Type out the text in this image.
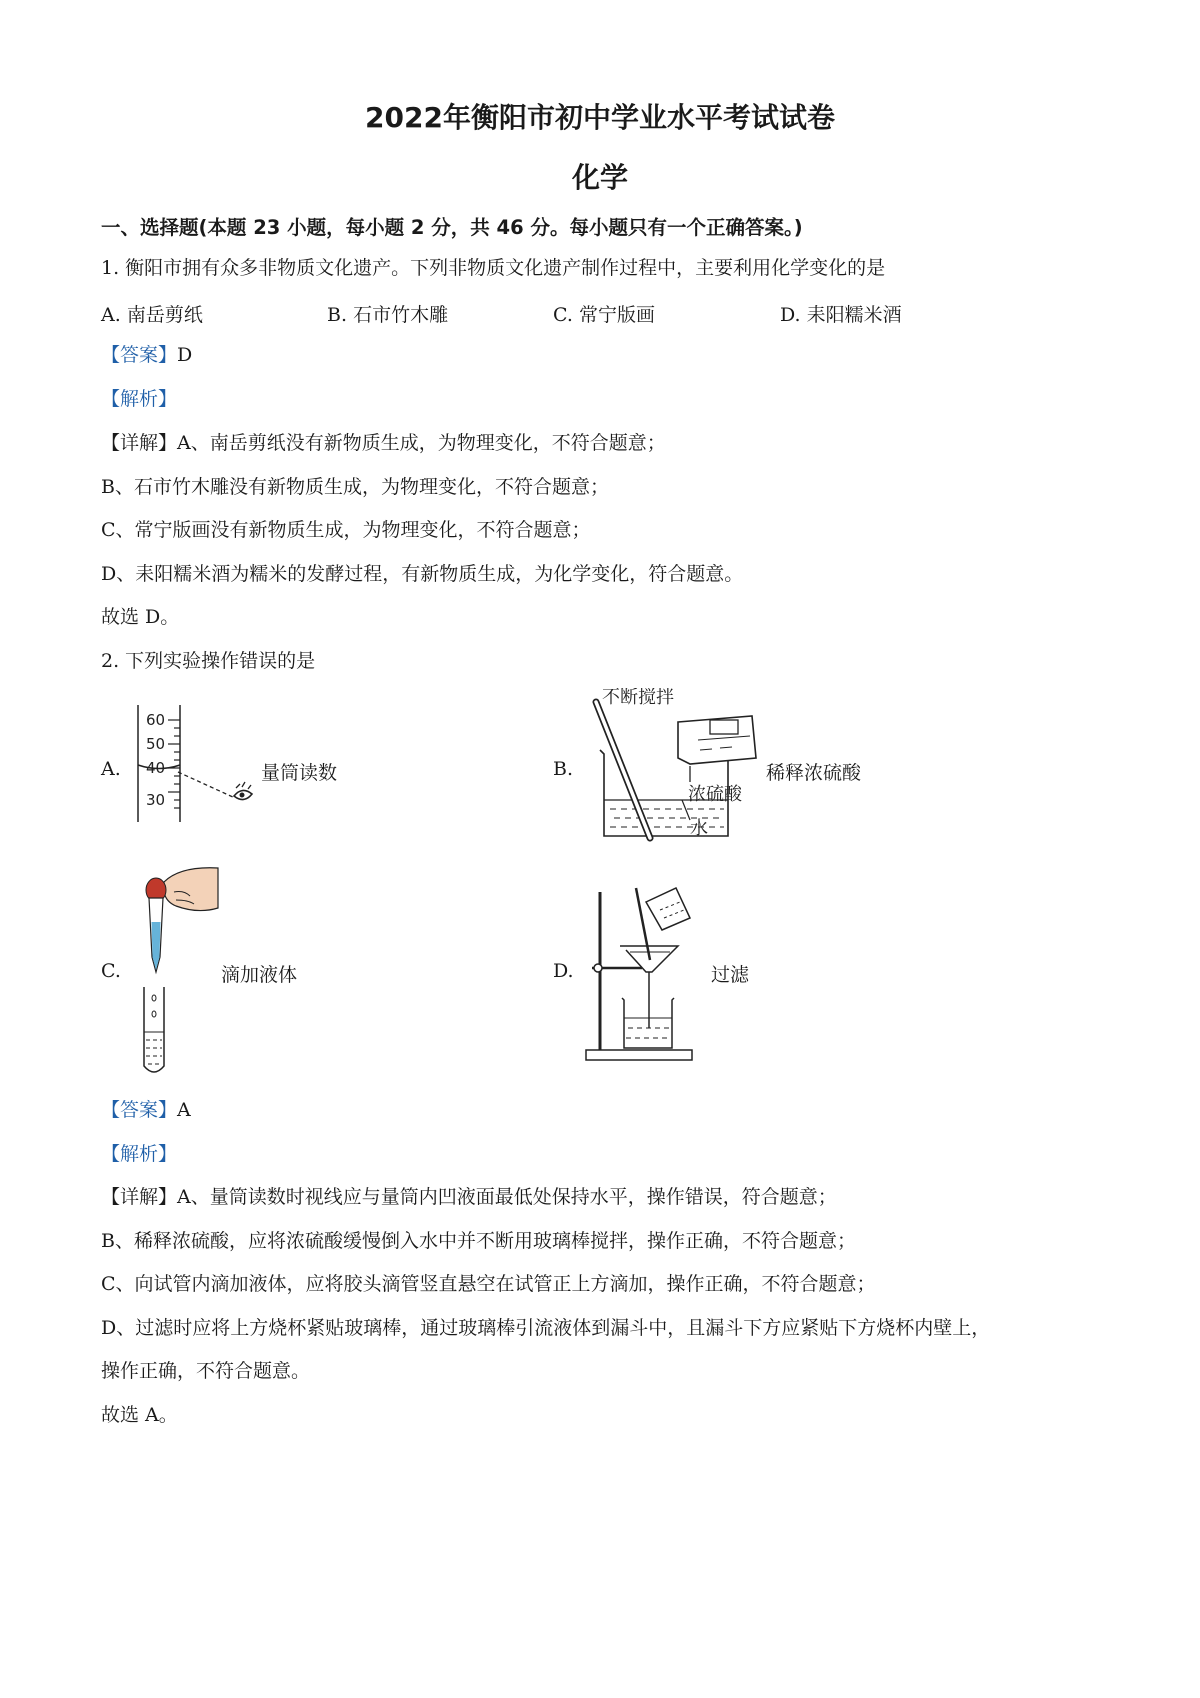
2022年衡阳市初中学业水平考试试卷
化学
一、选择题(本题 23 小题，每小题 2 分，共 46 分。每小题只有一个正确答案。)
1. 衡阳市拥有众多非物质文化遗产。下列非物质文化遗产制作过程中，主要利用化学变化的是
A. 南岳剪纸	B. 石市竹木雕	C. 常宁版画	D. 耒阳糯米酒
【答案】D
【解析】
【详解】A、南岳剪纸没有新物质生成，为物理变化，不符合题意；
B、石市竹木雕没有新物质生成，为物理变化，不符合题意；
C、常宁版画没有新物质生成，为物理变化，不符合题意；
D、耒阳糯米酒为糯米的发酵过程，有新物质生成，为化学变化，符合题意。
故选 D。
2. 下列实验操作错误的是
A.
60
50
40
30
量筒读数	B.
不断搅拌
浓硫酸
水
稀释浓硫酸
C.	滴加液体	D.	过滤
【答案】A
【解析】
【详解】A、量筒读数时视线应与量筒内凹液面最低处保持水平，操作错误，符合题意；
B、稀释浓硫酸，应将浓硫酸缓慢倒入水中并不断用玻璃棒搅拌，操作正确，不符合题意；
C、向试管内滴加液体，应将胶头滴管竖直悬空在试管正上方滴加，操作正确，不符合题意；
D、过滤时应将上方烧杯紧贴玻璃棒，通过玻璃棒引流液体到漏斗中，且漏斗下方应紧贴下方烧杯内壁上，
操作正确，不符合题意。
故选 A。
